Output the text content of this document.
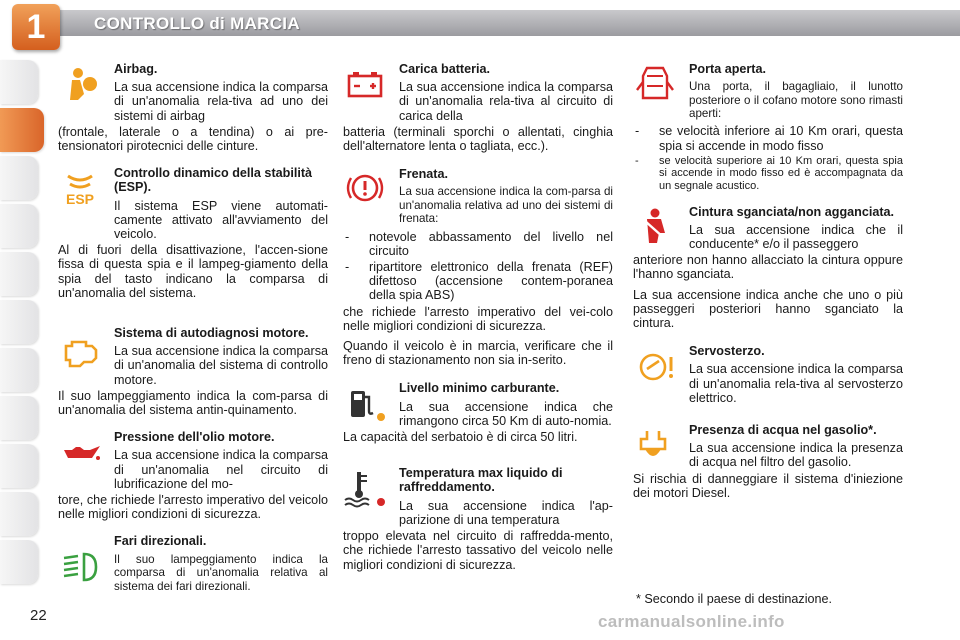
1	CONTROLLO di MARCIA
Airbag.
La sua accensione indica la comparsa di un'anomalia rela-tiva ad uno dei sistemi di airbag
(frontale, laterale o a tendina) o ai pre-tensionatori pirotecnici delle cinture.
ESP
Controllo dinamico della stabilità (ESP).
Il sistema ESP viene automati-camente attivato all'avviamento del veicolo.
Al di fuori della disattivazione, l'accen-sione fissa di questa spia e il lampeg-giamento della spia del tasto indicano la comparsa di un'anomalia del sistema.
Sistema di autodiagnosi motore.
La sua accensione indica la comparsa di un'anomalia del sistema di controllo motore.
Il suo lampeggiamento indica la com-parsa di un'anomalia del sistema antin-quinamento.
Pressione dell'olio motore.
La sua accensione indica la comparsa di un'anomalia nel circuito di lubrificazione del mo-
tore, che richiede l'arresto imperativo del veicolo nelle migliori condizioni di sicurezza.
Fari direzionali.
Il suo lampeggiamento indica la comparsa di un'anomalia relativa al sistema dei fari direzionali.
Carica batteria.
La sua accensione indica la comparsa di un'anomalia rela-tiva al circuito di carica della
batteria (terminali sporchi o allentati, cinghia dell'alternatore lenta o tagliata, ecc.).
Frenata.
La sua accensione indica la com-parsa di un'anomalia relativa ad uno dei sistemi di frenata:
- notevole abbassamento del livello nel circuito
- ripartitore elettronico della frenata (REF) difettoso (accensione contem-poranea della spia ABS)
che richiede l'arresto imperativo del vei-colo nelle migliori condizioni di sicurezza.
Quando il veicolo è in marcia, verificare che il freno di stazionamento non sia in-serito.
Livello minimo carburante.
La sua accensione indica che rimangono circa 50 Km di auto-nomia.
La capacità del serbatoio è di circa 50 litri.
Temperatura max liquido di raffreddamento.
La sua accensione indica l'ap-parizione di una temperatura
troppo elevata nel circuito di raffredda-mento, che richiede l'arresto tassativo del veicolo nelle migliori condizioni di sicurezza.
Porta aperta.
Una porta, il bagagliaio, il lunotto posteriore o il cofano motore sono rimasti aperti:
- se velocità inferiore ai 10 Km orari, questa spia si accende in modo fisso
- se velocità superiore ai 10 Km orari, questa spia si accende in modo fisso ed è accompagnata da un segnale acustico.
Cintura sganciata/non agganciata.
La sua accensione indica che il conducente* e/o il passeggero
anteriore non hanno allacciato la cintura oppure l'hanno sganciata.
La sua accensione indica anche che uno o più passeggeri posteriori hanno sganciato la cintura.
Servosterzo.
La sua accensione indica la comparsa di un'anomalia rela-tiva al servosterzo elettrico.
Presenza di acqua nel gasolio*.
La sua accensione indica la presenza di acqua nel filtro del gasolio.
Si rischia di danneggiare il sistema d'iniezione dei motori Diesel.
* Secondo il paese di destinazione.
22	carmanualsonline.info
